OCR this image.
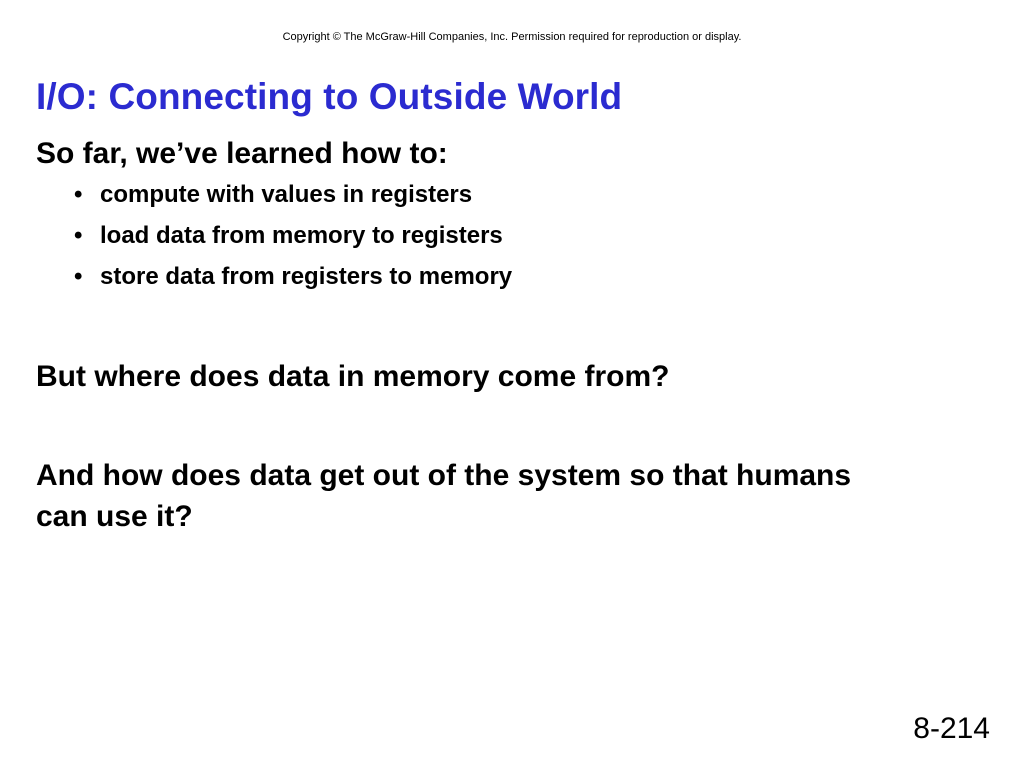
Copyright © The McGraw-Hill Companies, Inc. Permission required for reproduction or display.
I/O: Connecting to Outside World
So far, we’ve learned how to:
• compute with values in registers
• load data from memory to registers
• store data from registers to memory
But where does data in memory come from?
And how does data get out of the system so that humans can use it?
8-214
